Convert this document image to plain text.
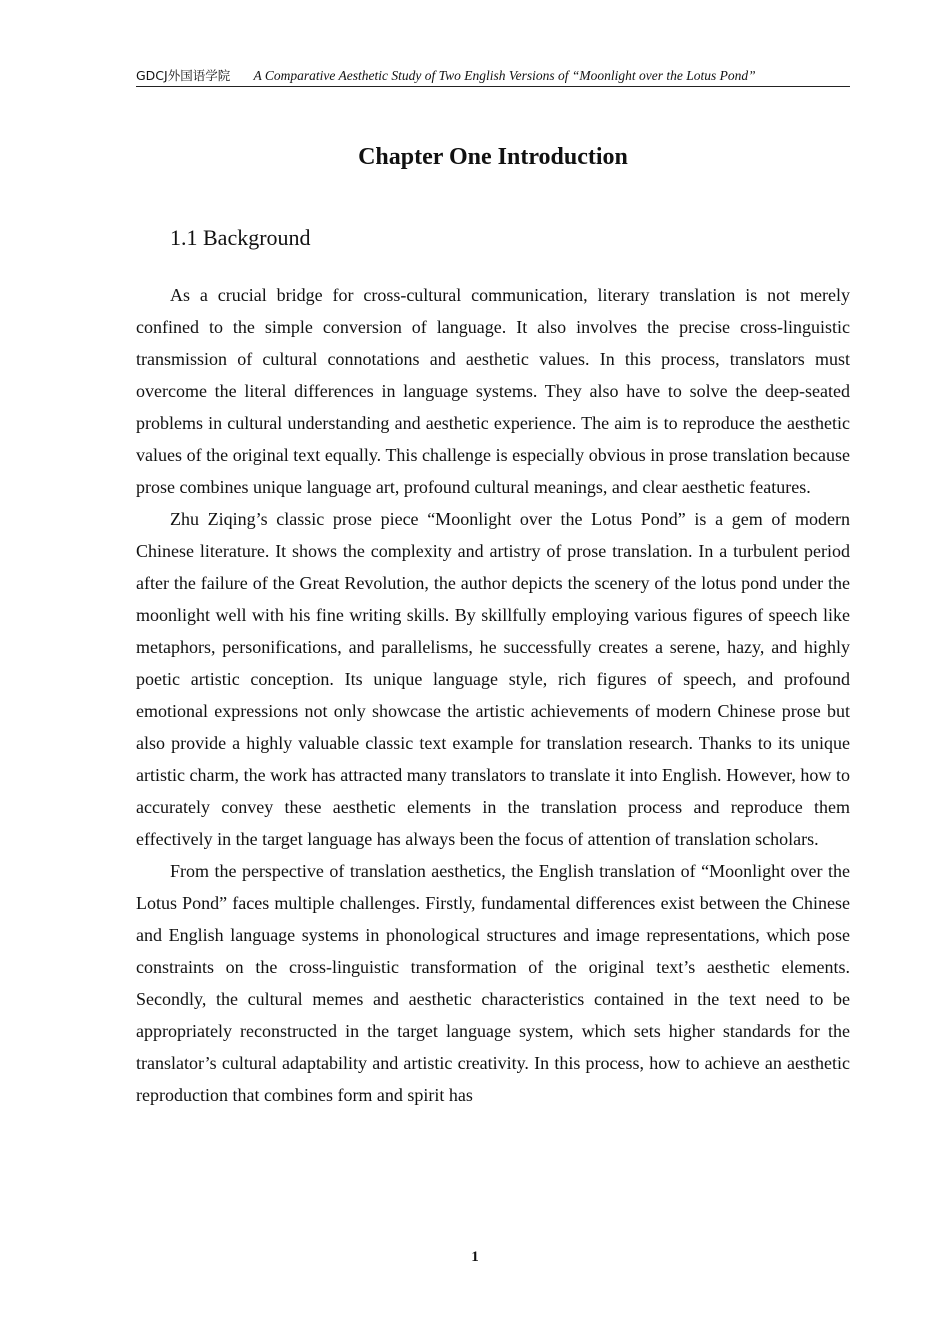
GDCJ外国语学院 A Comparative Aesthetic Study of Two English Versions of “Moonlight over the Lotus Pond”
Chapter One Introduction
1.1 Background

As a crucial bridge for cross-cultural communication, literary translation is not merely confined to the simple conversion of language. It also involves the precise cross-linguistic transmission of cultural connotations and aesthetic values. In this process, translators must overcome the literal differences in language systems. They also have to solve the deep-seated problems in cultural understanding and aesthetic experience. The aim is to reproduce the aesthetic values of the original text equally. This challenge is especially obvious in prose translation because prose combines unique language art, profound cultural meanings, and clear aesthetic features.

Zhu Ziqing’s classic prose piece “Moonlight over the Lotus Pond” is a gem of modern Chinese literature. It shows the complexity and artistry of prose translation. In a turbulent period after the failure of the Great Revolution, the author depicts the scenery of the lotus pond under the moonlight well with his fine writing skills. By skillfully employing various figures of speech like metaphors, personifications, and parallelisms, he successfully creates a serene, hazy, and highly poetic artistic conception. Its unique language style, rich figures of speech, and profound emotional expressions not only showcase the artistic achievements of modern Chinese prose but also provide a highly valuable classic text example for translation research. Thanks to its unique artistic charm, the work has attracted many translators to translate it into English. However, how to accurately convey these aesthetic elements in the translation process and reproduce them effectively in the target language has always been the focus of attention of translation scholars.

From the perspective of translation aesthetics, the English translation of “Moonlight over the Lotus Pond” faces multiple challenges. Firstly, fundamental differences exist between the Chinese and English language systems in phonological structures and image representations, which pose constraints on the cross-linguistic transformation of the original text’s aesthetic elements. Secondly, the cultural memes and aesthetic characteristics contained in the text need to be appropriately reconstructed in the target language system, which sets higher standards for the translator’s cultural adaptability and artistic creativity. In this process, how to achieve an aesthetic reproduction that combines form and spirit has

1
